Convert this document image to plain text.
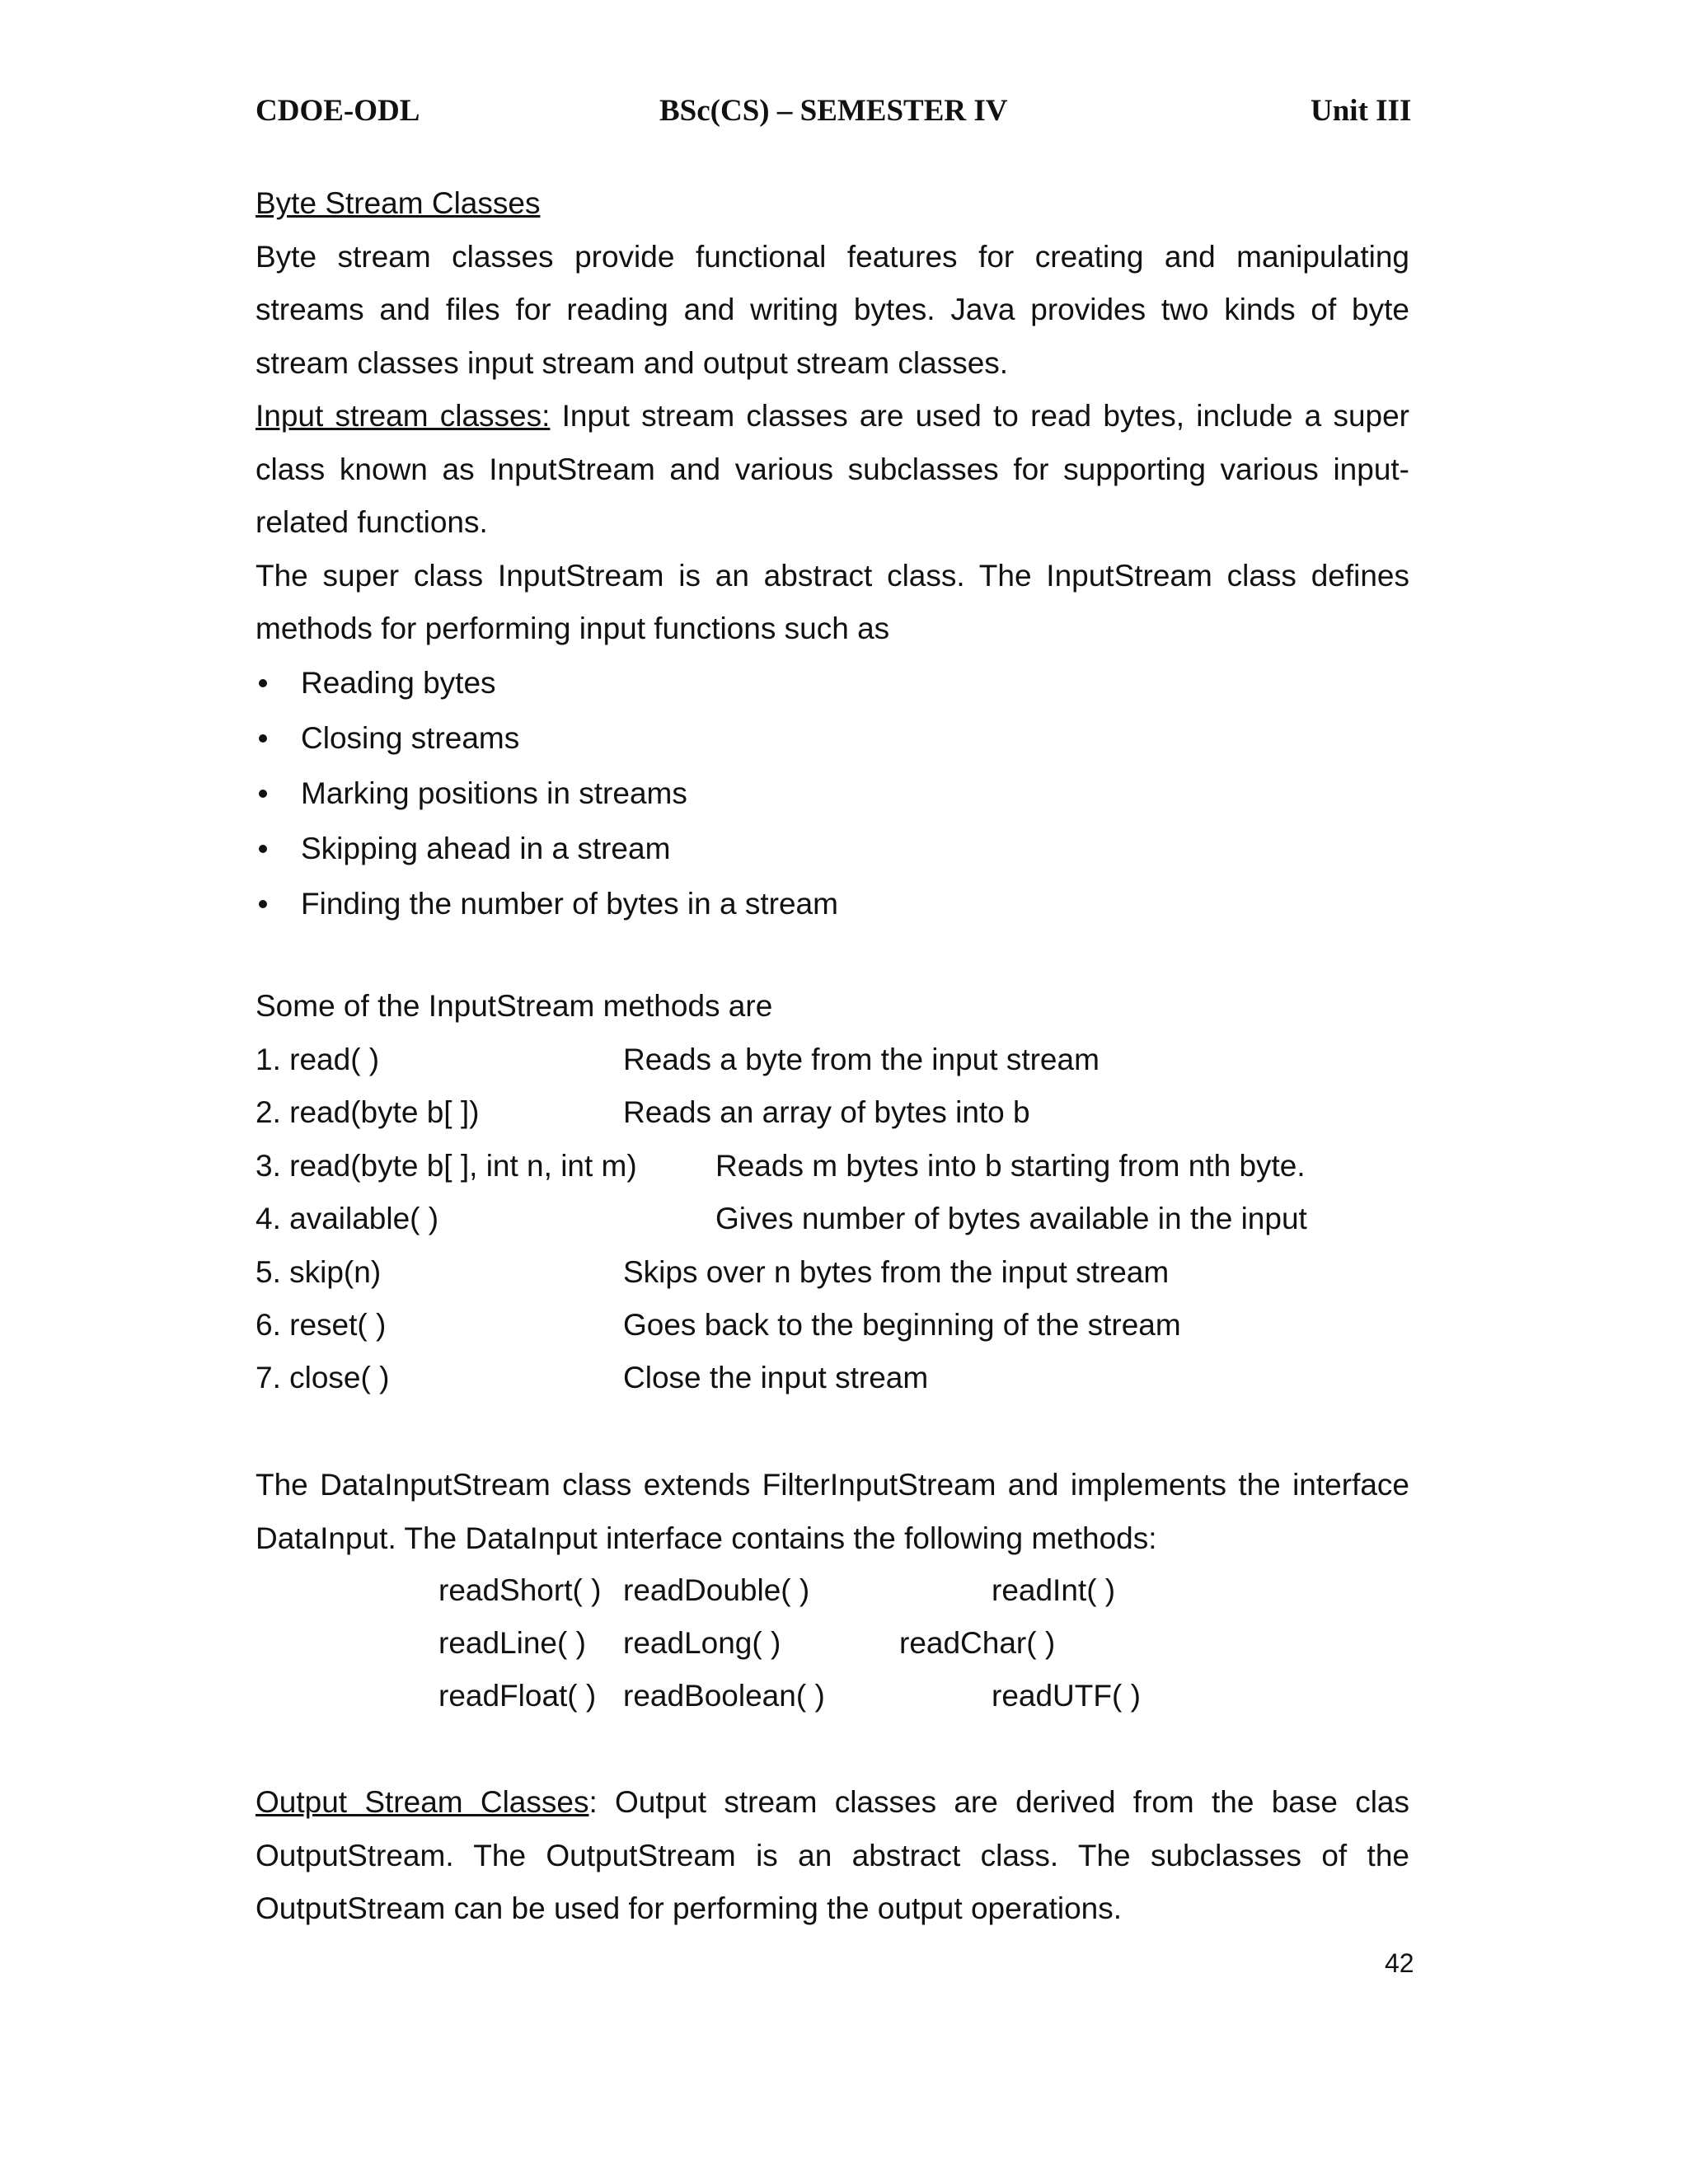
CDOE-ODL	BSc(CS) – SEMESTER IV	Unit III

Byte Stream Classes

Byte stream classes provide functional features for creating and manipulating streams and files for reading and writing bytes. Java provides two kinds of byte stream classes input stream and output stream classes.

Input stream classes: Input stream classes are used to read bytes, include a super class known as InputStream and various subclasses for supporting various input-related functions.

The super class InputStream is an abstract class. The InputStream class defines methods for performing input functions such as

Reading bytes
Closing streams
Marking positions in streams
Skipping ahead in a stream
Finding the number of bytes in a stream
Some of the InputStream methods are
1. read( )	Reads a byte from the input stream
2. read(byte b[ ])	Reads an array of bytes into b
3. read(byte b[ ], int n, int m)	Reads m bytes into b starting from nth byte.
4. available( )	Gives number of bytes available in the input
5. skip(n)	Skips over n bytes from the input stream
6. reset( )	Goes back to the beginning of the stream
7. close( )	Close the input stream

The DataInputStream class extends FilterInputStream and implements the interface DataInput. The DataInput interface contains the following methods:

readShort( ) readDouble( )	readInt( )
readLine( ) readLong( )	readChar( )
readFloat( ) readBoolean( )	readUTF( )

Output Stream Classes: Output stream classes are derived from the base clas OutputStream. The OutputStream is an abstract class. The subclasses of the OutputStream can be used for performing the output operations.

42
